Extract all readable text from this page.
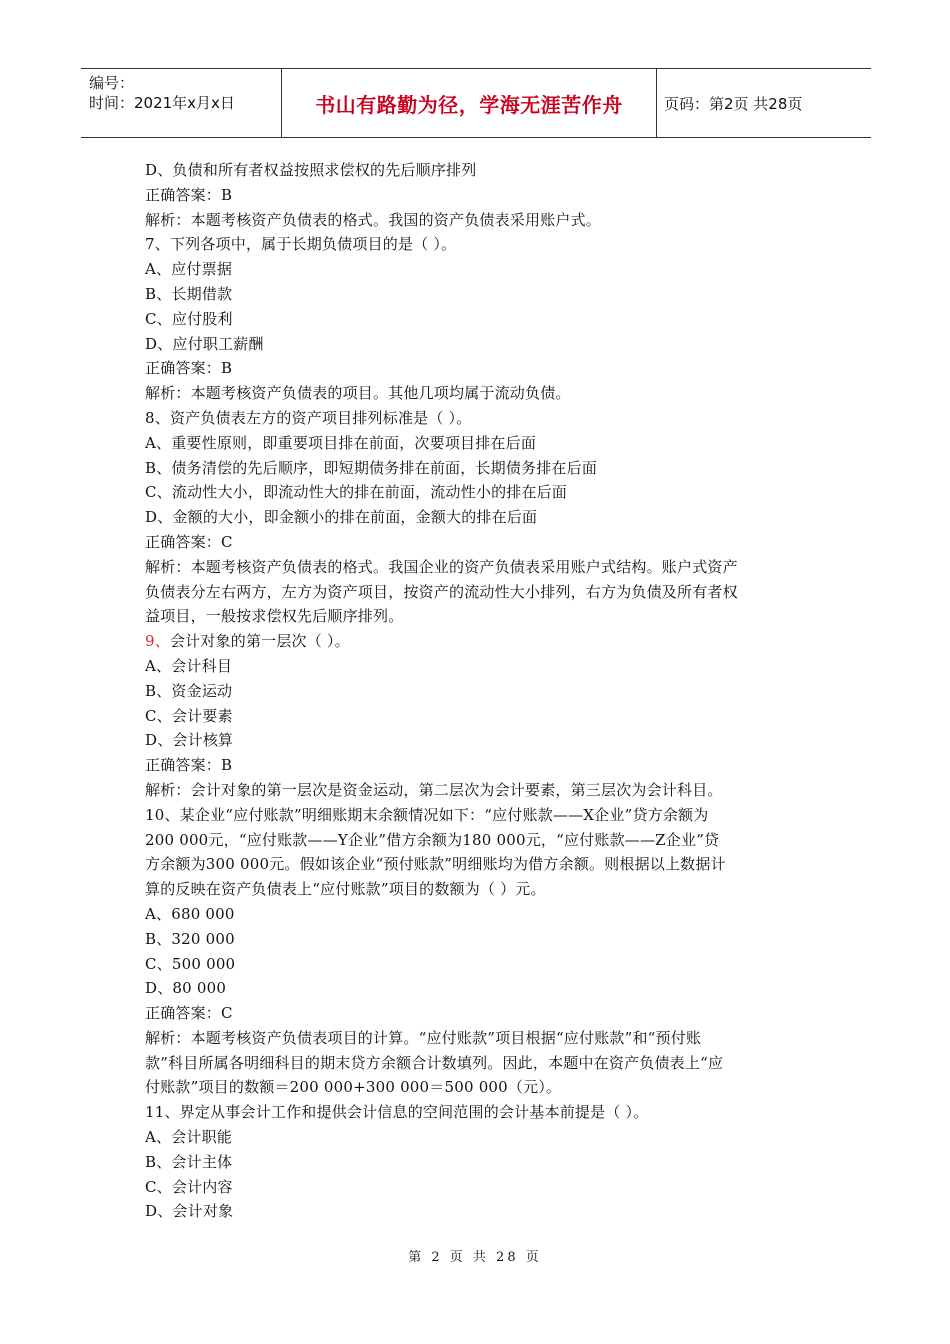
编号：
时间：2021年x月x日	书山有路勤为径，学海无涯苦作舟	页码：第2页 共28页
D、负债和所有者权益按照求偿权的先后顺序排列
正确答案：B
解析：本题考核资产负债表的格式。我国的资产负债表采用账户式。
7、下列各项中，属于长期负债项目的是（ ）。
A、应付票据
B、长期借款
C、应付股利
D、应付职工薪酬
正确答案：B
解析：本题考核资产负债表的项目。其他几项均属于流动负债。
8、资产负债表左方的资产项目排列标准是（ ）。
A、重要性原则，即重要项目排在前面，次要项目排在后面
B、债务清偿的先后顺序，即短期债务排在前面，长期债务排在后面
C、流动性大小，即流动性大的排在前面，流动性小的排在后面
D、金额的大小，即金额小的排在前面，金额大的排在后面
正确答案：C
解析：本题考核资产负债表的格式。我国企业的资产负债表采用账户式结构。账户式资产
负债表分左右两方，左方为资产项目，按资产的流动性大小排列，右方为负债及所有者权
益项目，一般按求偿权先后顺序排列。
9、会计对象的第一层次（ ）。
A、会计科目
B、资金运动
C、会计要素
D、会计核算
正确答案：B
解析：会计对象的第一层次是资金运动，第二层次为会计要素，第三层次为会计科目。
10、某企业“应付账款”明细账期末余额情况如下：“应付账款——X企业”贷方余额为
200 000元，“应付账款——Y企业”借方余额为180 000元，“应付账款——Z企业”贷
方余额为300 000元。假如该企业“预付账款”明细账均为借方余额。则根据以上数据计
算的反映在资产负债表上“应付账款”项目的数额为（ ）元。
A、680 000
B、320 000
C、500 000
D、80 000
正确答案：C
解析：本题考核资产负债表项目的计算。“应付账款”项目根据“应付账款”和“预付账
款”科目所属各明细科目的期末贷方余额合计数填列。因此，本题中在资产负债表上“应
付账款”项目的数额＝200 000+300 000＝500 000（元）。
11、界定从事会计工作和提供会计信息的空间范围的会计基本前提是（ ）。
A、会计职能
B、会计主体
C、会计内容
D、会计对象
第 2 页 共 28 页
